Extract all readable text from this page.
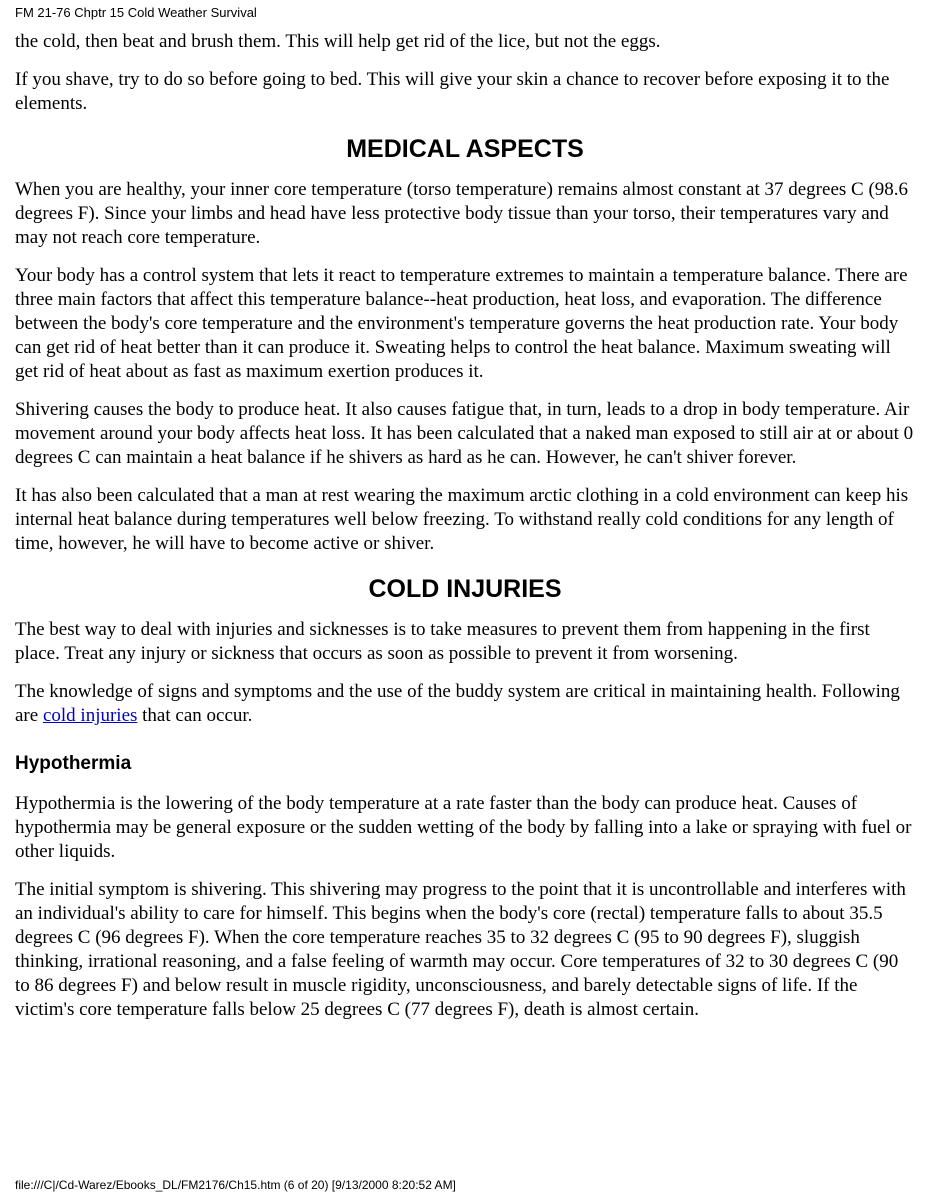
FM 21-76 Chptr 15 Cold Weather Survival

the cold, then beat and brush them. This will help get rid of the lice, but not the eggs.

If you shave, try to do so before going to bed. This will give your skin a chance to recover before exposing it to the elements.

MEDICAL ASPECTS

When you are healthy, your inner core temperature (torso temperature) remains almost constant at 37 degrees C (98.6 degrees F). Since your limbs and head have less protective body tissue than your torso, their temperatures vary and may not reach core temperature.

Your body has a control system that lets it react to temperature extremes to maintain a temperature balance. There are three main factors that affect this temperature balance--heat production, heat loss, and evaporation. The difference between the body's core temperature and the environment's temperature governs the heat production rate. Your body can get rid of heat better than it can produce it. Sweating helps to control the heat balance. Maximum sweating will get rid of heat about as fast as maximum exertion produces it.

Shivering causes the body to produce heat. It also causes fatigue that, in turn, leads to a drop in body temperature. Air movement around your body affects heat loss. It has been calculated that a naked man exposed to still air at or about 0 degrees C can maintain a heat balance if he shivers as hard as he can. However, he can't shiver forever.

It has also been calculated that a man at rest wearing the maximum arctic clothing in a cold environment can keep his internal heat balance during temperatures well below freezing. To withstand really cold conditions for any length of time, however, he will have to become active or shiver.

COLD INJURIES

The best way to deal with injuries and sicknesses is to take measures to prevent them from happening in the first place. Treat any injury or sickness that occurs as soon as possible to prevent it from worsening.

The knowledge of signs and symptoms and the use of the buddy system are critical in maintaining health. Following are cold injuries that can occur.

Hypothermia

Hypothermia is the lowering of the body temperature at a rate faster than the body can produce heat. Causes of hypothermia may be general exposure or the sudden wetting of the body by falling into a lake or spraying with fuel or other liquids.

The initial symptom is shivering. This shivering may progress to the point that it is uncontrollable and interferes with an individual's ability to care for himself. This begins when the body's core (rectal) temperature falls to about 35.5 degrees C (96 degrees F). When the core temperature reaches 35 to 32 degrees C (95 to 90 degrees F), sluggish thinking, irrational reasoning, and a false feeling of warmth may occur. Core temperatures of 32 to 30 degrees C (90 to 86 degrees F) and below result in muscle rigidity, unconsciousness, and barely detectable signs of life. If the victim's core temperature falls below 25 degrees C (77 degrees F), death is almost certain.

file:///C|/Cd-Warez/Ebooks_DL/FM2176/Ch15.htm (6 of 20) [9/13/2000 8:20:52 AM]
